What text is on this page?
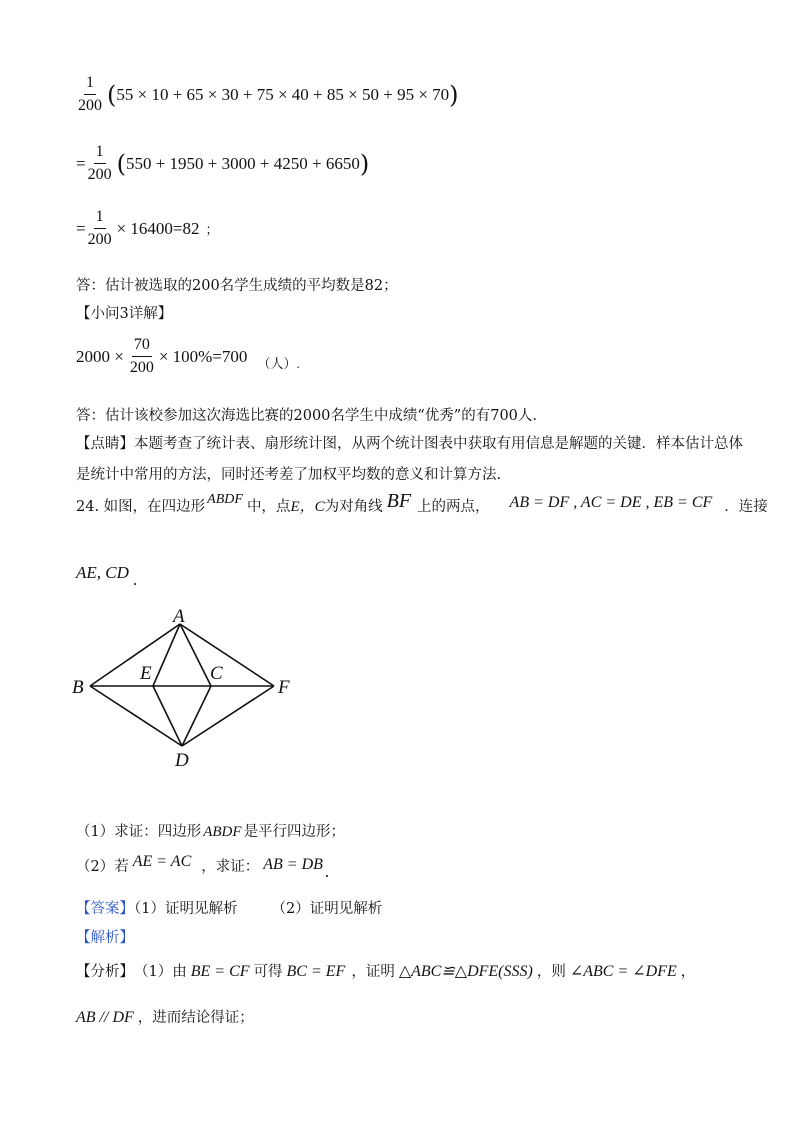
$\frac{1}{200}$ ( 55 × 10 + 65 × 30 + 75 × 40 + 85 × 50 + 95 × 70 )
= $\frac{1}{200}$ ( 550 + 1950 + 3000 + 4250 + 6650 )
= $\frac{1}{200} \times 16400=82$ ；
答：估计被选取的200名学生成绩的平均数是82；
【小问3详解】
$2000 \times \frac{70}{200} \times 100\%=700$ （人）.
答：估计该校参加这次海选比赛的2000名学生中成绩“优秀”的有700人.
【点睛】本题考查了统计表、扇形统计图，从两个统计图表中获取有用信息是解题的关键．样本估计总体
是统计中常用的方法，同时还考差了加权平均数的意义和计算方法.
24. 如图，在四边形 ABDF 中，点 E，C 为对角线 BF 上的两点， AB = DF , AC = DE , EB = CF ．连接
AE, CD .
A
B
E	C
F
D
（1）求证：四边形 ABDF 是平行四边形；
（2）若 AE = AC ，求证： AB = DB .
【答案】（1）证明见解析 （2）证明见解析
【解析】
【分析】 （1）由 BE = CF 可得 BC = EF ，证明 △ABC≌△DFE(SSS) ，则 ∠ABC = ∠DFE ，
AB // DF ，进而结论得证；
